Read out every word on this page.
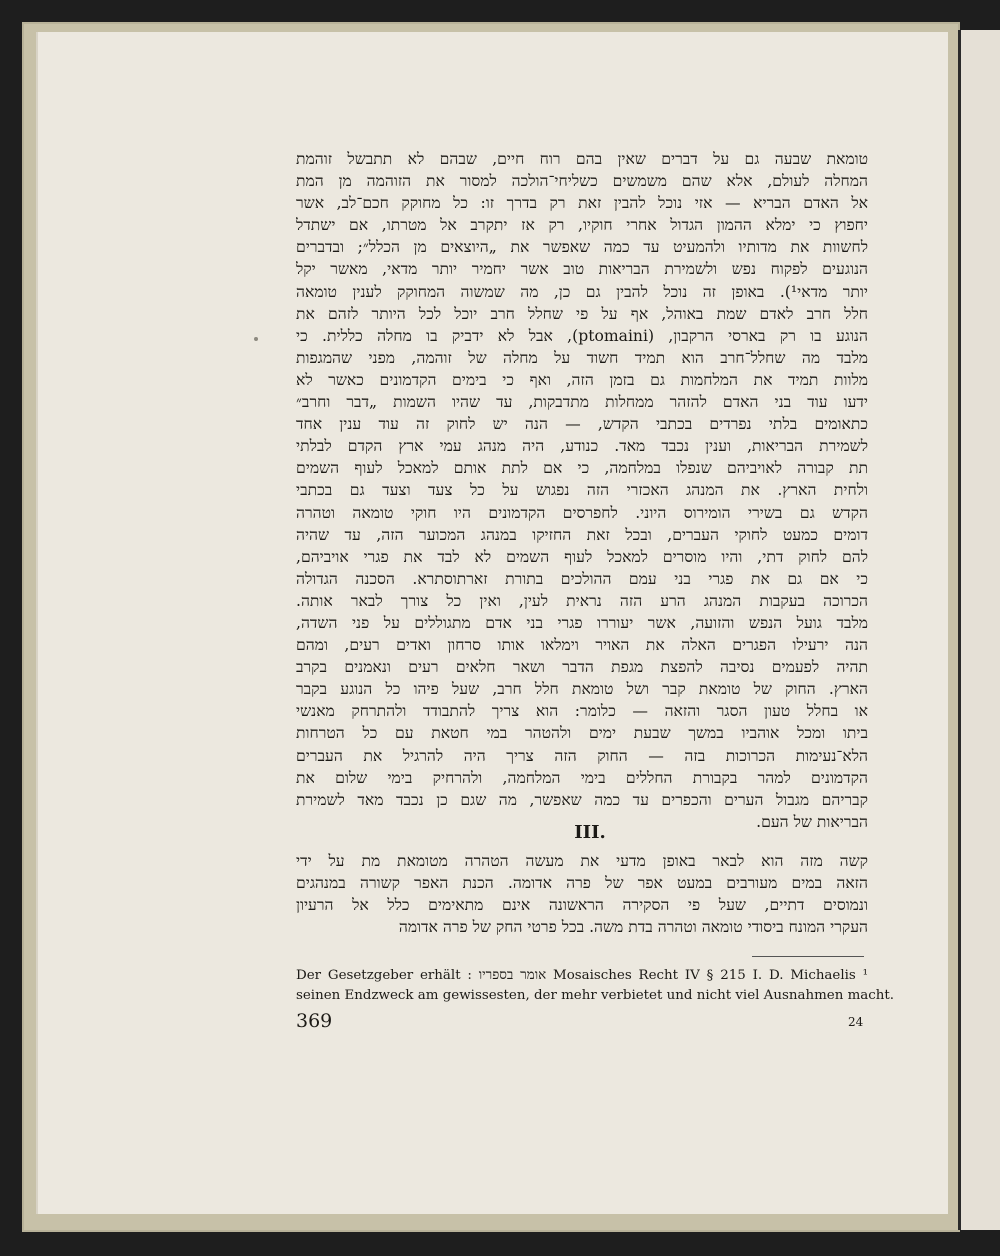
טומאת שבעה גם על דברים שאין בהם רוח חיים, שבהם לא תתבשל זוהמת
המחלה לעולם, אלא שהם משמשים כשליחי־הולכה למסור את הזוהמה מן המת
אל האדם הבריא — אזי נוכל להבין זאת רק בדרך זו: כל מחוקק חכם־לב, אשר
יחפוץ כי ימלא ההמון הגדול אחרי חוקיו, רק אז יתקרב אל מטרתו, אם ישתדל
לחשוות את מדותיו ולהמעיט עד כמה שאפשר את „היוצאים מן הכלל״; ובדברים
הנוגעים לפקוח נפש ולשמירת הבריאות טוב אשר יחמיר יותר מדאי, מאשר יקל
יותר מדאי¹). באופן זה נוכל להבין גם כן, מה שמשוה המחוקק לענין טומאה
חלל חרב לאדם שמת באוהל, אף על פי שחלל חרב יוכל לכל היותר לזהם את
הנוגע בו רק בארסי הרקבון, (ptomaini), אבל לא ידביק בו מחלה כללית. כי
מלבד מה שחלל־חרב הוא תמיד חשוד על מחלה של זוהמה, מפני שהמגפות
מלוות תמיד את המלחמות גם בזמן הזה, ואף כי בימים הקדמונים כאשר לא
ידעו עוד בני האדם להזהר ממחלות מתדבקות, עד שהיו השמות „דבר וחרב״
כתאומים בלתי נפרדים בכתבי הקדש, — הנה יש לחוק זה עוד ענין אחד
לשמירת הבריאות, וענין נכבד מאד. כנודע, היה מנהג עמי ארץ הקדם לבלתי
תת קבורה לאויביהם שנפלו במלחמה, כי אם לתת אותם למאכל לעוף השמים
ולחית הארץ. את המנהג האכזרי הזה נפגוש על כל צעד וצעד גם בכתבי
הקדש גם בשירי הומירוס היוני. לחפרסים הקדמונים היו חוקי טומאה וטהרה
דומים כמעט לחוקי העברים, ובכל זאת החזיקו במנהג המכוער הזה, עד שהיה
להם לחוק דתי, והיו מוסרים למאכל לעוף השמים לא לבד את פגרי אויביהם,
כי אם גם את פגרי בני עמם ההולכים בתורת זארתוסתרא. הסכנה הגדולה
הכרוכה בעקבות המנהג הרע הזה נראית לעין, ואין כל צורך לבאר אותה.
מלבד גועל הנפש והזועה, אשר יעוררו פגרי בני אדם מתגוללים על פני השדה,
הנה ירעילו הפגרים האלה את האויר וימלאו אותו סרחון ואדים רעים, ומהם
תהיה לפעמים נסיבה להפצת מגפת הדבר ושאר חלאים רעים ונאמנים בקרב
הארץ. החוק של טומאת קבר ושל טומאת חלל חרב, שעל פיהו כל הנוגע בקבר
או בחלל טעון הסגר והזאה — כלומר: הוא צריך להתבודד ולהתרחק מאנשי
ביתו ומכל אוהביו במשך שבעת ימים ולהטהר במי חטאת עם כל הטרחות
הלא־נעימות הכרוכות בזה — החוק הזה צריך היה להרגיל את העברים
הקדמונים למהר בקבורת החללים בימי המלחמה, ולהרחיק בימי שלום את
קבריהם מגבול הערים והכפרים עד כמה שאפשר, מה שגם כן נכבד מאד לשמירת
הבריאות של העם.
III.
קשה מזה הוא לבאר באופן מדעי את מעשה הטהרה מטומאת מת על ידי
הזאה במים מעורבים במעט אפר של פרה אדומה. הכנת האפר קשורה במנהגים
ונמוסים דתיים, שעל פי הסקירה הראשונה אינם מתאימים כלל אל הרעיון
העקרי המונח ביסודי טומאה וטהרה בדת משה. בכל פרטי החק של פרה אדומה
Der Gesetzgeber erhält : אומר בספריו Mosaisches Recht IV § 215 I. D. Michaelis ¹
seinen Endzweck am gewissesten, der mehr verbietet und nicht viel Ausnahmen macht.
369	24
